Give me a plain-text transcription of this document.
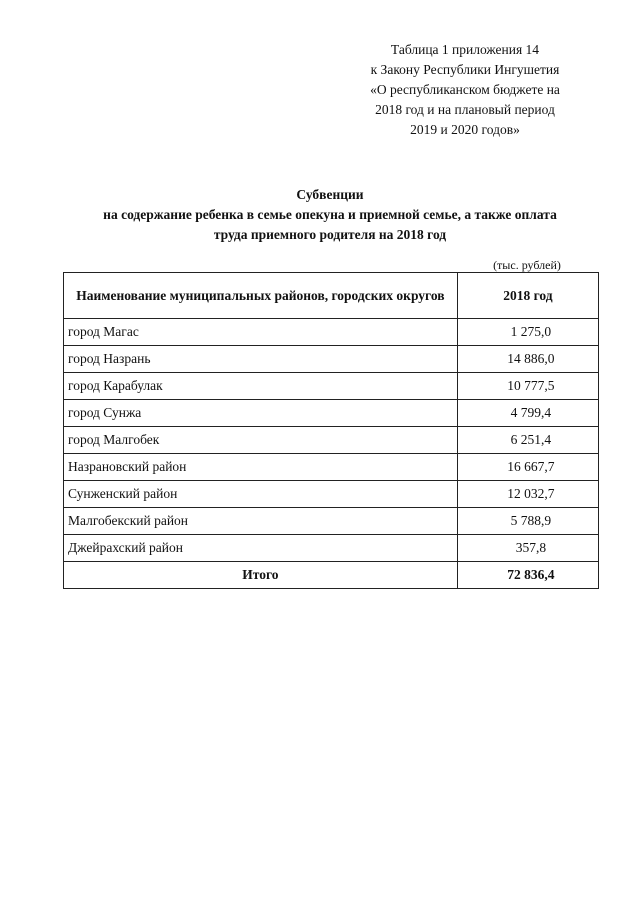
Таблица 1 приложения 14
к Закону Республики Ингушетия
«О республиканском бюджете на
2018 год и на плановый период
2019 и 2020 годов»
Субвенции
на содержание ребенка в семье опекуна и приемной семье, а также оплата
труда приемного родителя на 2018 год
(тыс. рублей)
Наименование муниципальных районов, городских округов	2018 год
город Магас	1 275,0
город Назрань	14 886,0
город Карабулак	10 777,5
город Сунжа	4 799,4
город Малгобек	6 251,4
Назрановский район	16 667,7
Сунженский район	12 032,7
Малгобекский район	5 788,9
Джейрахский район	357,8
Итого	72 836,4
